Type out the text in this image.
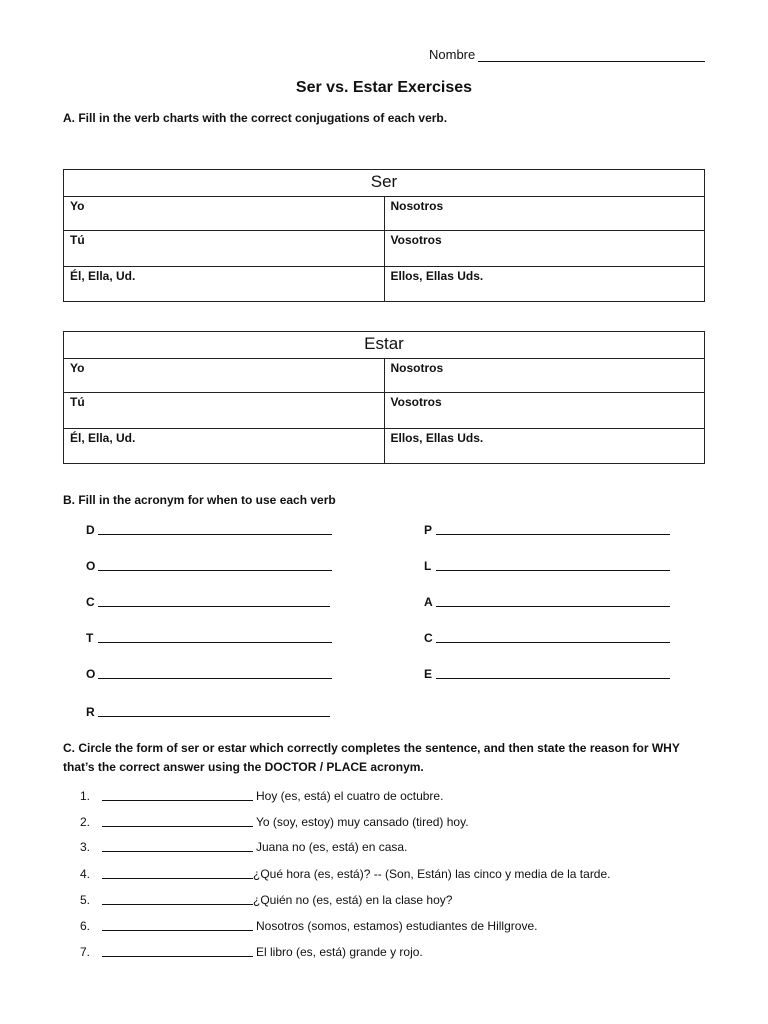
Nombre
Ser vs. Estar Exercises
A. Fill in the verb charts with the correct conjugations of each verb.
Ser	
Yo	Nosotros
Tú	Vosotros
Él, Ella, Ud.	Ellos, Ellas Uds.
Estar	
Yo	Nosotros
Tú	Vosotros
Él, Ella, Ud.	Ellos, Ellas Uds.
B. Fill in the acronym for when to use each verb
D
O
C
T
O
R
P
L
A
C
E
C. Circle the form of ser or estar which correctly completes the sentence, and then state the reason for WHY that’s the correct answer using the DOCTOR / PLACE acronym.
1.	Hoy (es, está) el cuatro de octubre.
2.	Yo (soy, estoy) muy cansado (tired) hoy.
3.	Juana no (es, está) en casa.
4.	¿Qué hora (es, está)? -- (Son, Están) las cinco y media de la tarde.
5.	¿Quién no (es, está) en la clase hoy?
6.	Nosotros (somos, estamos) estudiantes de Hillgrove.
7.	El libro (es, está) grande y rojo.
